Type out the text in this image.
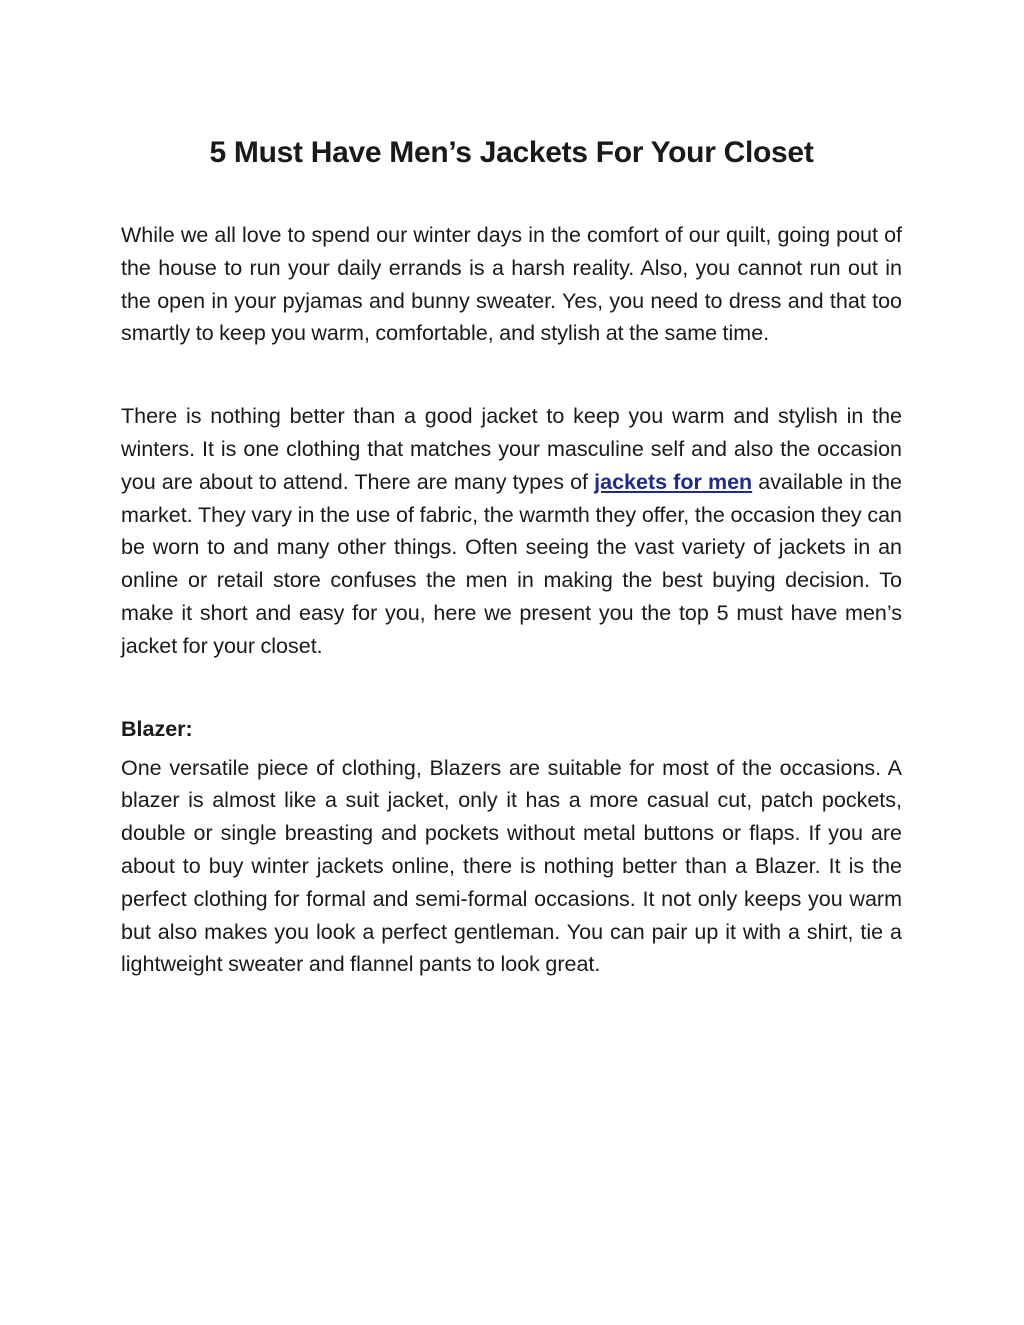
5 Must Have Men’s Jackets For Your Closet

While we all love to spend our winter days in the comfort of our quilt, going pout of the house to run your daily errands is a harsh reality. Also, you cannot run out in the open in your pyjamas and bunny sweater. Yes, you need to dress and that too smartly to keep you warm, comfortable, and stylish at the same time.

There is nothing better than a good jacket to keep you warm and stylish in the winters. It is one clothing that matches your masculine self and also the occasion you are about to attend. There are many types of jackets for men available in the market. They vary in the use of fabric, the warmth they offer, the occasion they can be worn to and many other things. Often seeing the vast variety of jackets in an online or retail store confuses the men in making the best buying decision. To make it short and easy for you, here we present you the top 5 must have men’s jacket for your closet.

Blazer:

One versatile piece of clothing, Blazers are suitable for most of the occasions. A blazer is almost like a suit jacket, only it has a more casual cut, patch pockets, double or single breasting and pockets without metal buttons or flaps. If you are about to buy winter jackets online, there is nothing better than a Blazer. It is the perfect clothing for formal and semi-formal occasions. It not only keeps you warm but also makes you look a perfect gentleman. You can pair up it with a shirt, tie a lightweight sweater and flannel pants to look great.
